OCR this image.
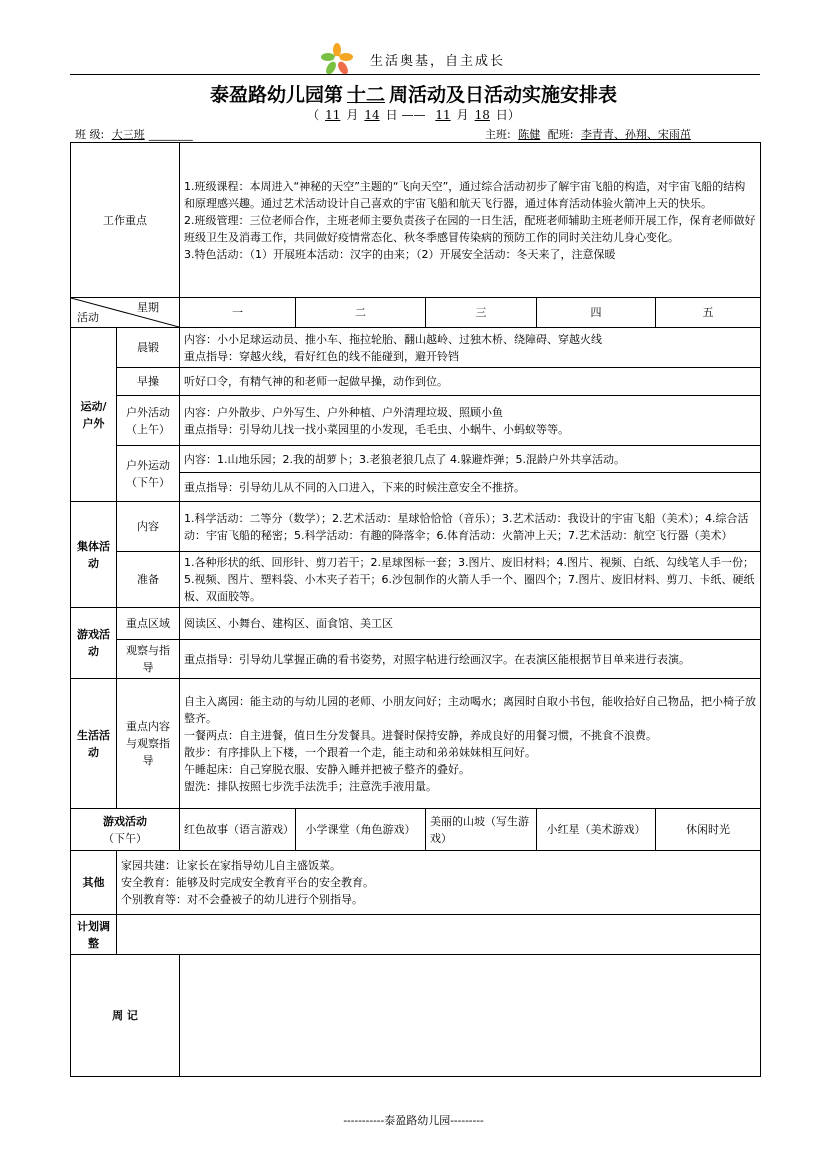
生活奥基，自主成长
泰盈路幼儿园第 十二 周活动及日活动实施安排表
（ 11 月 14 日 —— 11 月 18 日）
班 级: 大三班 ________	主班: 陈健 配班: 李青青、孙翔、宋雨茁
工作重点		1.班级课程：本周进入“神秘的天空”主题的“飞向天空”，通过综合活动初步了解宇宙飞船的构造，对宇宙飞船的结构和原理感兴趣。通过艺术活动设计自己喜欢的宇宙飞船和航天飞行器，通过体育活动体验火箭冲上天的快乐。

2.班级管理：三位老师合作，主班老师主要负责孩子在园的一日生活，配班老师辅助主班老师开展工作，保育老师做好班级卫生及消毒工作，共同做好疫情常态化、秋冬季感冒传染病的预防工作的同时关注幼儿身心变化。

3.特色活动：（1）开展班本活动：汉字的由来；（2）开展安全活动：冬天来了，注意保暖				

星期
活动		一	二	三	四	五
运动/户外	晨锻	内容：小小足球运动员、推小车、拖拉轮胎、翻山越岭、过独木桥、绕障碍、穿越火线

重点指导：穿越火线，看好红色的线不能碰到，避开铃铛				

	早操	听好口令，有精气神的和老师一起做早操，动作到位。				
	户外活动（上午）	内容：户外散步、户外写生、户外种植、户外清理垃圾、照顾小鱼

重点指导：引导幼儿找一找小菜园里的小发现，毛毛虫、小蜗牛、小蚂蚁等等。				

	户外运动（下午）	内容：1.山地乐园；2.我的胡萝卜；3.老狼老狼几点了 4.躲避炸弹；5.混龄户外共享活动。

重点指导：引导幼儿从不同的入口进入，下来的时候注意安全不推挤。				

集体活动	内容	1.科学活动：二等分（数学）；2.艺术活动：星球恰恰恰（音乐）；3.艺术活动：我设计的宇宙飞船（美术）；4.综合活动：宇宙飞船的秘密；5.科学活动：有趣的降落伞；6.体育活动：火箭冲上天；7.艺术活动：航空飞行器（美术）				
	准备	1.各种形状的纸、回形针、剪刀若干；2.星球图标一套；3.图片、废旧材料；4.图片、视频、白纸、勾线笔人手一份；5.视频、图片、塑料袋、小木夹子若干；6.沙包制作的火箭人手一个、圈四个；7.图片、废旧材料、剪刀、卡纸、硬纸板、双面胶等。				
游戏活动	重点区域	阅读区、小舞台、建构区、面食馆、美工区				
	观察与指导	重点指导：引导幼儿掌握正确的看书姿势，对照字帖进行绘画汉字。在表演区能根据节目单来进行表演。				
生活活动	重点内容与观察指导	自主入离园：能主动的与幼儿园的老师、小朋友问好；主动喝水；离园时自取小书包，能收拾好自己物品，把小椅子放整齐。

一餐两点：自主进餐，值日生分发餐具。进餐时保持安静，养成良好的用餐习惯，不挑食不浪费。

散步：有序排队上下楼，一个跟着一个走，能主动和弟弟妹妹相互问好。

午睡起床：自己穿脱衣服、安静入睡并把被子整齐的叠好。

盥洗：排队按照七步洗手法洗手；注意洗手液用量。				

游戏活动
（下午）		红色故事（语言游戏）	小学课堂（角色游戏）	美丽的山坡（写生游戏）	小红星（美术游戏）	休闲时光
其他	家园共建：让家长在家指导幼儿自主盛饭菜。

安全教育：能够及时完成安全教育平台的安全教育。

个别教育等：对不会叠被子的幼儿进行个别指导。					

计划调整						
周 记						
-----------泰盈路幼儿园---------
